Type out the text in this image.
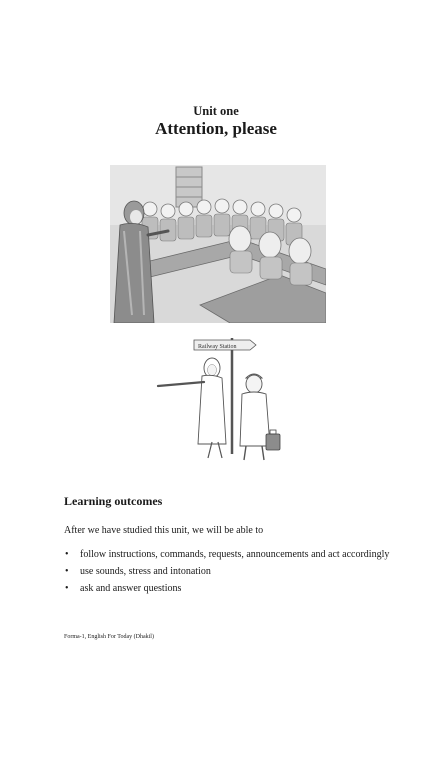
Unit one
Attention, please
Railway Station
Learning outcomes
After we have studied this unit, we will be able to
• follow instructions, commands, requests, announcements and act accordingly
• use sounds, stress and intonation
• ask and answer questions
Forma-1, English For Today (Dhakil)
